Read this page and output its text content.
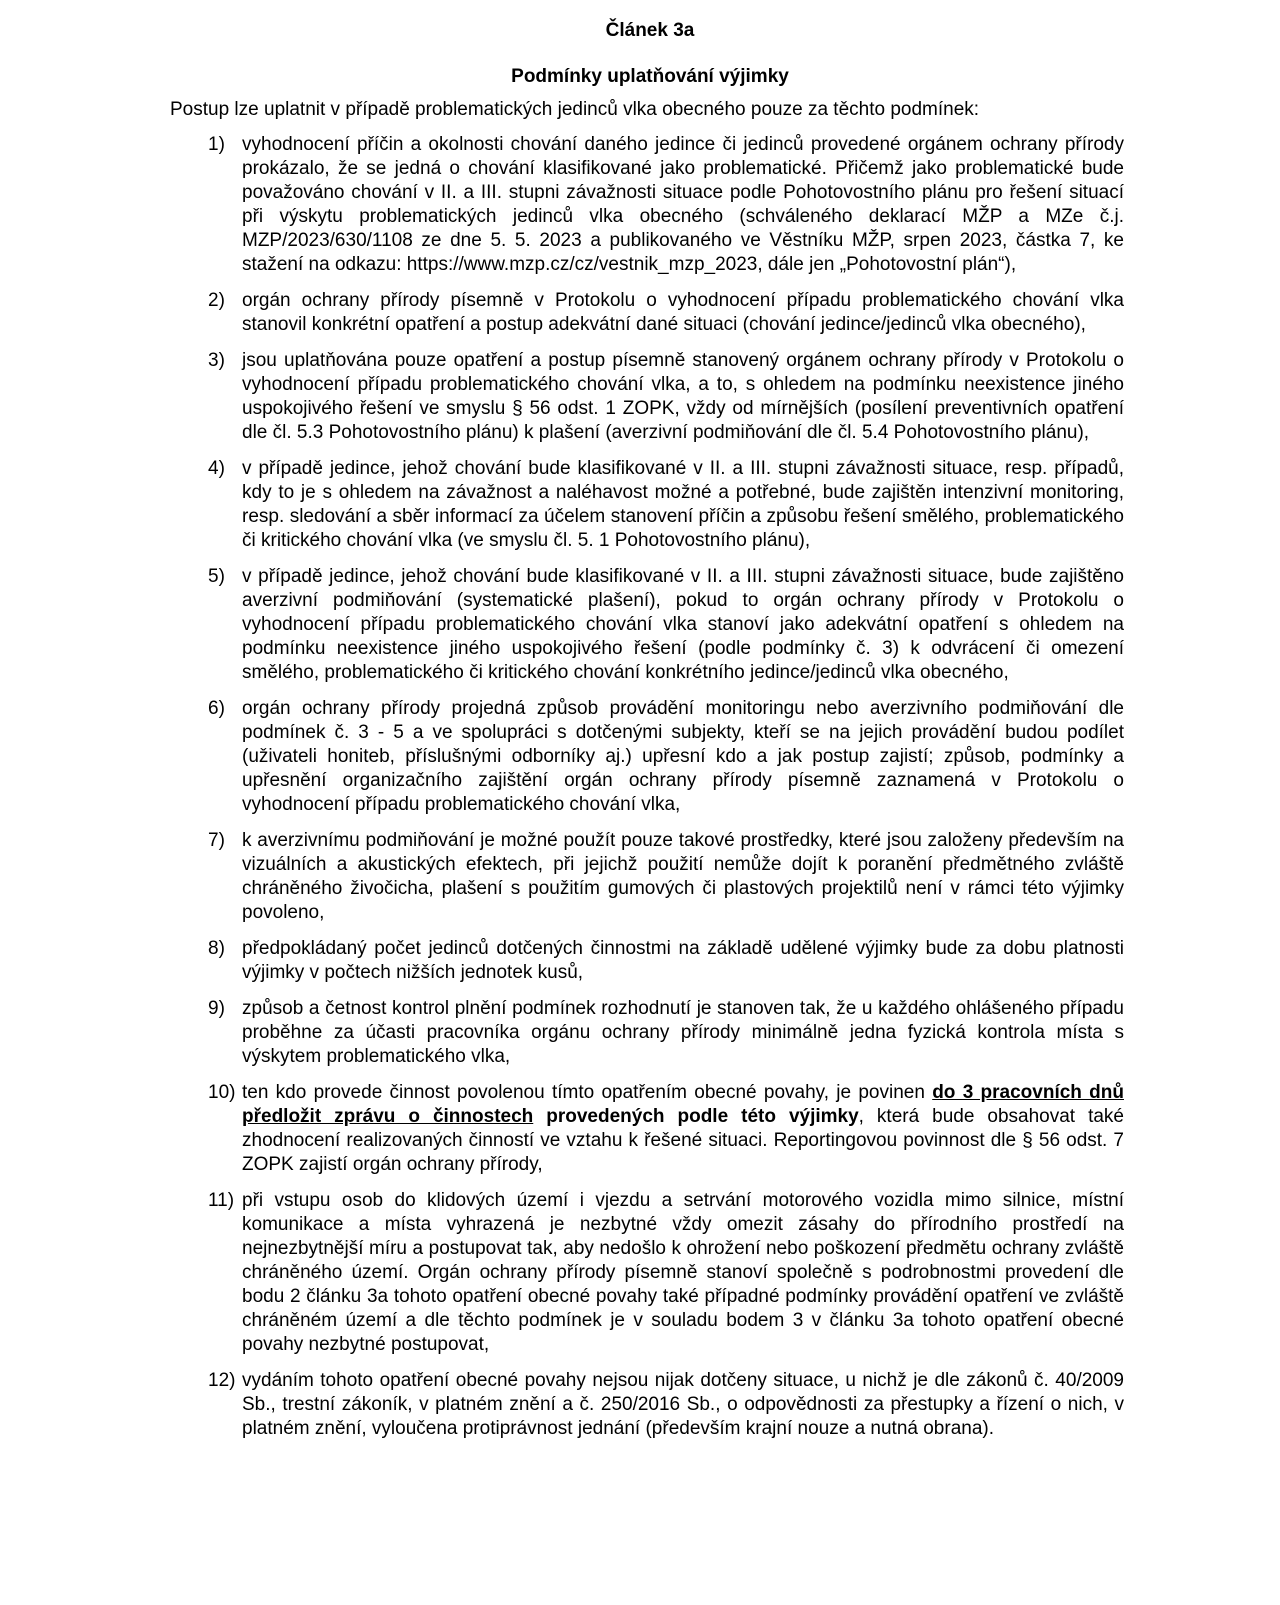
Článek 3a
Podmínky uplatňování výjimky
Postup lze uplatnit v případě problematických jedinců vlka obecného pouze za těchto podmínek:
1) vyhodnocení příčin a okolnosti chování daného jedince či jedinců provedené orgánem ochrany přírody prokázalo, že se jedná o chování klasifikované jako problematické. Přičemž jako problematické bude považováno chování v II. a III. stupni závažnosti situace podle Pohotovostního plánu pro řešení situací při výskytu problematických jedinců vlka obecného (schváleného deklarací MŽP a MZe č.j. MZP/2023/630/1108 ze dne 5. 5. 2023 a publikovaného ve Věstníku MŽP, srpen 2023, částka 7, ke stažení na odkazu: https://www.mzp.cz/cz/vestnik_mzp_2023, dále jen „Pohotovostní plán“),
2) orgán ochrany přírody písemně v Protokolu o vyhodnocení případu problematického chování vlka stanovil konkrétní opatření a postup adekvátní dané situaci (chování jedince/jedinců vlka obecného),
3) jsou uplatňována pouze opatření a postup písemně stanovený orgánem ochrany přírody v Protokolu o vyhodnocení případu problematického chování vlka, a to, s ohledem na podmínku neexistence jiného uspokojivého řešení ve smyslu § 56 odst. 1 ZOPK, vždy od mírnějších (posílení preventivních opatření dle čl. 5.3 Pohotovostního plánu) k plašení (averzivní podmiňování dle čl. 5.4 Pohotovostního plánu),
4) v případě jedince, jehož chování bude klasifikované v II. a III. stupni závažnosti situace, resp. případů, kdy to je s ohledem na závažnost a naléhavost možné a potřebné, bude zajištěn intenzivní monitoring, resp. sledování a sběr informací za účelem stanovení příčin a způsobu řešení smělého, problematického či kritického chování vlka (ve smyslu čl. 5. 1 Pohotovostního plánu),
5) v případě jedince, jehož chování bude klasifikované v II. a III. stupni závažnosti situace, bude zajištěno averzivní podmiňování (systematické plašení), pokud to orgán ochrany přírody v Protokolu o vyhodnocení případu problematického chování vlka stanoví jako adekvátní opatření s ohledem na podmínku neexistence jiného uspokojivého řešení (podle podmínky č. 3) k odvrácení či omezení smělého, problematického či kritického chování konkrétního jedince/jedinců vlka obecného,
6) orgán ochrany přírody projedná způsob provádění monitoringu nebo averzivního podmiňování dle podmínek č. 3 - 5 a ve spolupráci s dotčenými subjekty, kteří se na jejich provádění budou podílet (uživateli honiteb, příslušnými odborníky aj.) upřesní kdo a jak postup zajistí; způsob, podmínky a upřesnění organizačního zajištění orgán ochrany přírody písemně zaznamená v Protokolu o vyhodnocení případu problematického chování vlka,
7) k averzivnímu podmiňování je možné použít pouze takové prostředky, které jsou založeny především na vizuálních a akustických efektech, při jejichž použití nemůže dojít k poranění předmětného zvláště chráněného živočicha, plašení s použitím gumových či plastových projektilů není v rámci této výjimky povoleno,
8) předpokládaný počet jedinců dotčených činnostmi na základě udělené výjimky bude za dobu platnosti výjimky v počtech nižších jednotek kusů,
9) způsob a četnost kontrol plnění podmínek rozhodnutí je stanoven tak, že u každého ohlášeného případu proběhne za účasti pracovníka orgánu ochrany přírody minimálně jedna fyzická kontrola místa s výskytem problematického vlka,
10) ten kdo provede činnost povolenou tímto opatřením obecné povahy, je povinen do 3 pracovních dnů předložit zprávu o činnostech provedených podle této výjimky, která bude obsahovat také zhodnocení realizovaných činností ve vztahu k řešené situaci. Reportingovou povinnost dle § 56 odst. 7 ZOPK zajistí orgán ochrany přírody,
11) při vstupu osob do klidových území i vjezdu a setrvání motorového vozidla mimo silnice, místní komunikace a místa vyhrazená je nezbytné vždy omezit zásahy do přírodního prostředí na nejnezbytnější míru a postupovat tak, aby nedošlo k ohrožení nebo poškození předmětu ochrany zvláště chráněného území. Orgán ochrany přírody písemně stanoví společně s podrobnostmi provedení dle bodu 2 článku 3a tohoto opatření obecné povahy také případné podmínky provádění opatření ve zvláště chráněném území a dle těchto podmínek je v souladu bodem 3 v článku 3a tohoto opatření obecné povahy nezbytné postupovat,
12) vydáním tohoto opatření obecné povahy nejsou nijak dotčeny situace, u nichž je dle zákonů č. 40/2009 Sb., trestní zákoník, v platném znění a č. 250/2016 Sb., o odpovědnosti za přestupky a řízení o nich, v platném znění, vyloučena protiprávnost jednání (především krajní nouze a nutná obrana).
